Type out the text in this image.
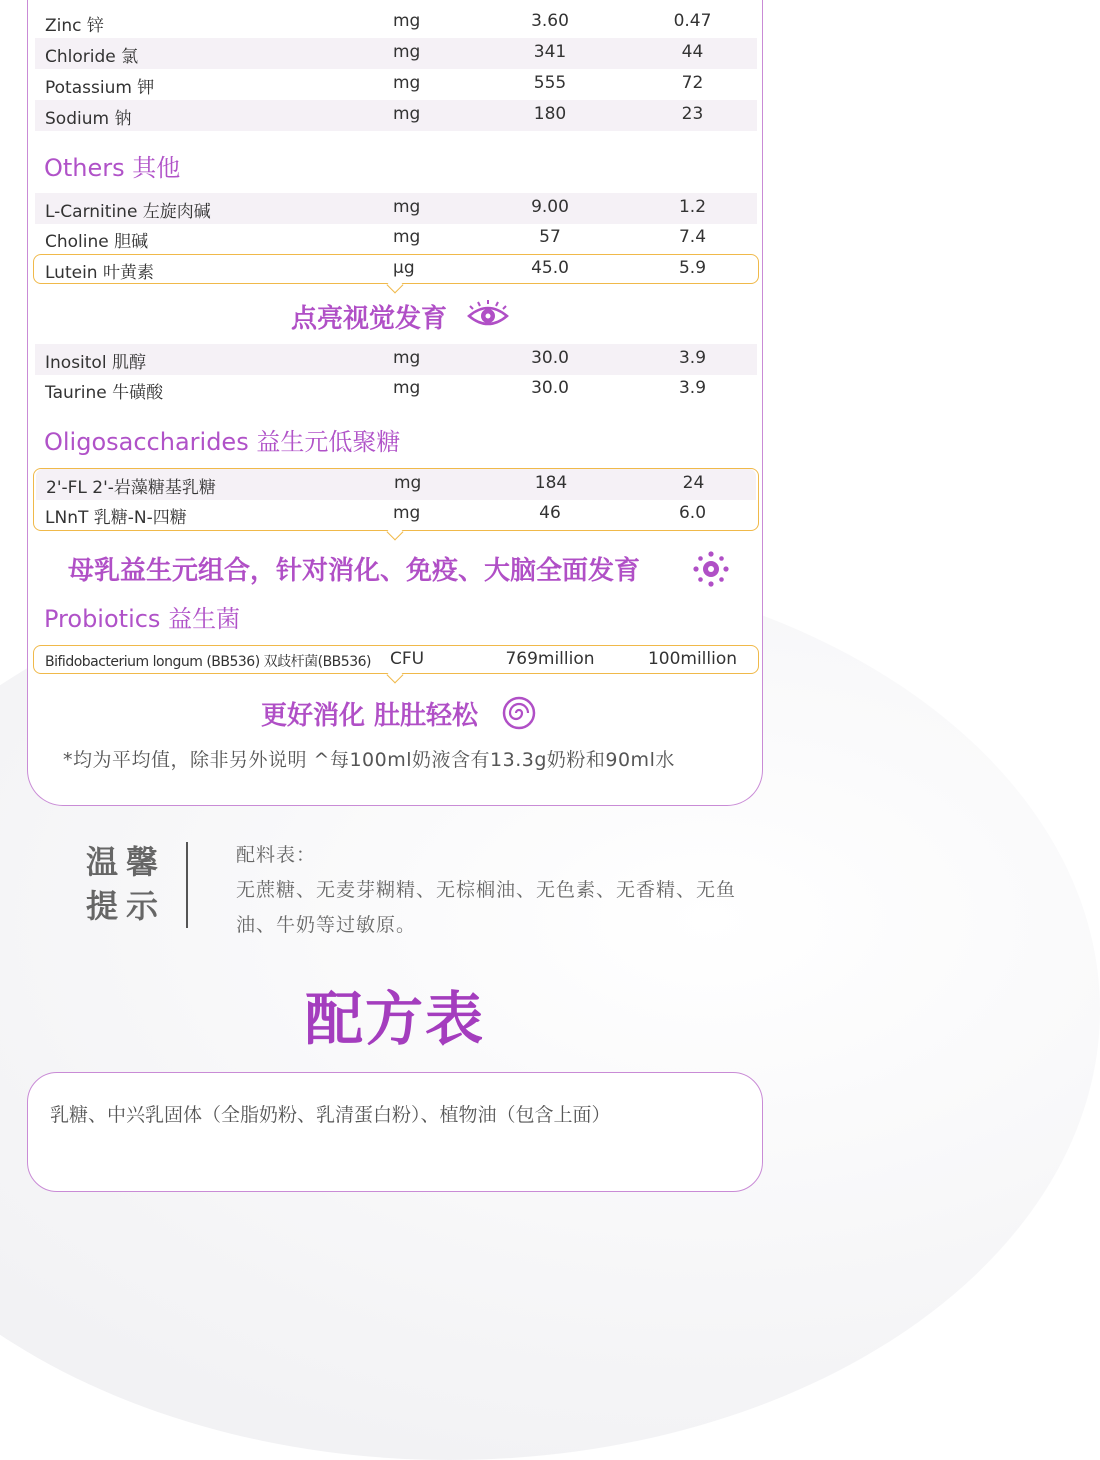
Zinc 锌	mg	3.60	0.47
Chloride 氯	mg	341	44
Potassium 钾	mg	555	72
Sodium 钠	mg	180	23
Others 其他
L-Carnitine 左旋肉碱	mg	9.00	1.2
Choline 胆碱	mg	57	7.4
Lutein 叶黄素	µg	45.0	5.9
点亮视觉发育
Inositol 肌醇	mg	30.0	3.9
Taurine 牛磺酸	mg	30.0	3.9
Oligosaccharides 益生元低聚糖
2'-FL 2'-岩藻糖基乳糖	mg	184	24
LNnT 乳糖-N-四糖	mg	46	6.0
母乳益生元组合，针对消化、免疫、大脑全面发育
Probiotics 益生菌
Bifidobacterium longum (BB536) 双歧杆菌(BB536) CFU	769million	100million
更好消化 肚肚轻松
*均为平均值，除非另外说明 ^每100ml奶液含有13.3g奶粉和90ml水
温馨提示
配料表：
无蔗糖、无麦芽糊精、无棕榈油、无色素、无香精、无鱼油、牛奶等过敏原。
配方表
乳糖、中兴乳固体（全脂奶粉、乳清蛋白粉）、植物油（包含上面）
